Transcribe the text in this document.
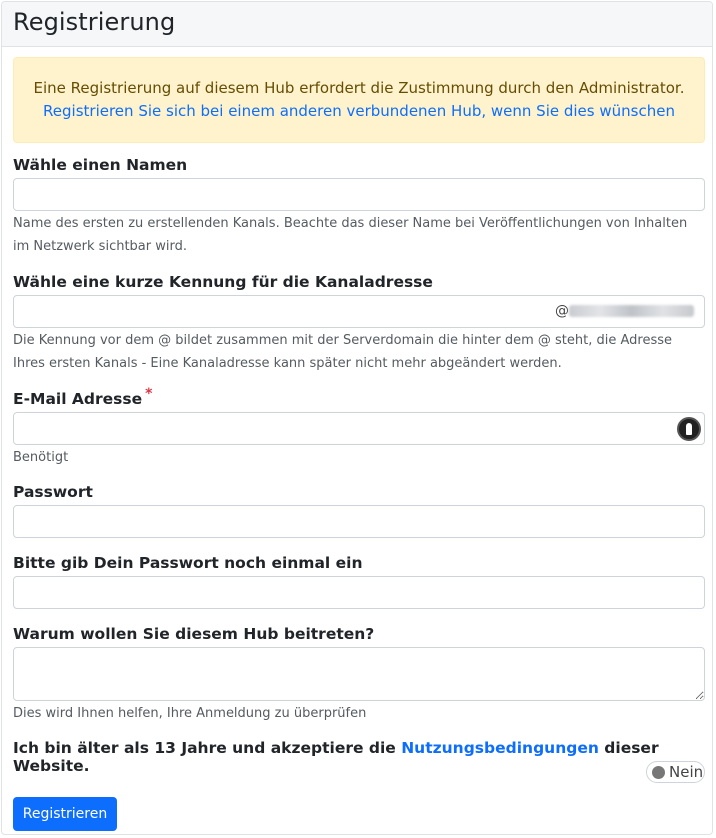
Registrierung
Eine Registrierung auf diesem Hub erfordert die Zustimmung durch den Administrator.
Registrieren Sie sich bei einem anderen verbundenen Hub, wenn Sie dies wünschen
Wähle einen Namen
Name des ersten zu erstellenden Kanals. Beachte das dieser Name bei Veröffentlichungen von Inhalten im Netzwerk sichtbar wird.
Wähle eine kurze Kennung für die Kanaladresse
@
Die Kennung vor dem @ bildet zusammen mit der Serverdomain die hinter dem @ steht, die Adresse Ihres ersten Kanals - Eine Kanaladresse kann später nicht mehr abgeändert werden.
E-Mail Adresse *
Benötigt
Passwort
Bitte gib Dein Passwort noch einmal ein
Warum wollen Sie diesem Hub beitreten?
Dies wird Ihnen helfen, Ihre Anmeldung zu überprüfen
Ich bin älter als 13 Jahre und akzeptiere die Nutzungsbedingungen dieser Website.	Nein
Registrieren
